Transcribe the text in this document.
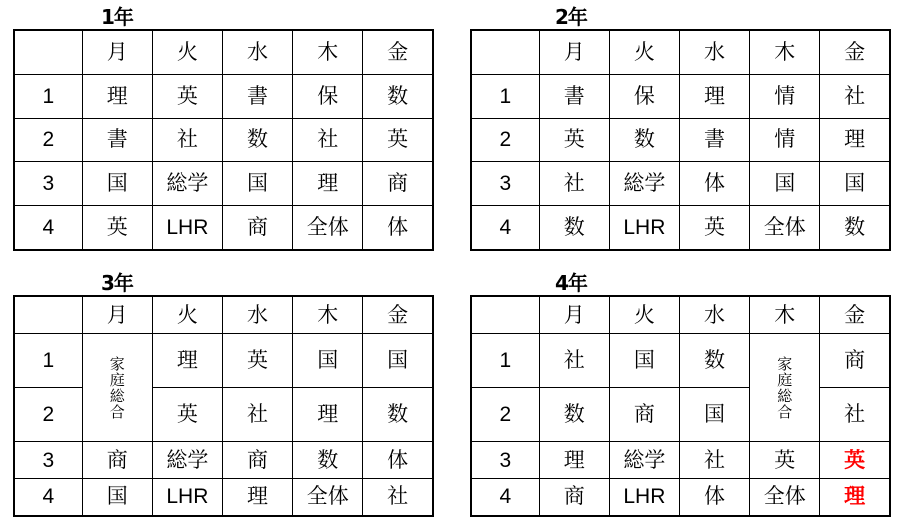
1年
	月	火	水	木	金
1	理	英	書	保	数
2	書	社	数	社	英
3	国	総学	国	理	商
4	英	LHR	商	全体	体
2年
	月	火	水	木	金
1	書	保	理	情	社
2	英	数	書	情	理
3	社	総学	体	国	国
4	数	LHR	英	全体	数
3年
	月	火	水	木	金
1	家庭総合	理	英	国	国
2		英	社	理	数
3	商	総学	商	数	体
4	国	LHR	理	全体	社
4年
	月	火	水	木	金
1	社	国	数	家庭総合	商
2	数	商	国		社
3	理	総学	社	英	英
4	商	LHR	体	全体	理
